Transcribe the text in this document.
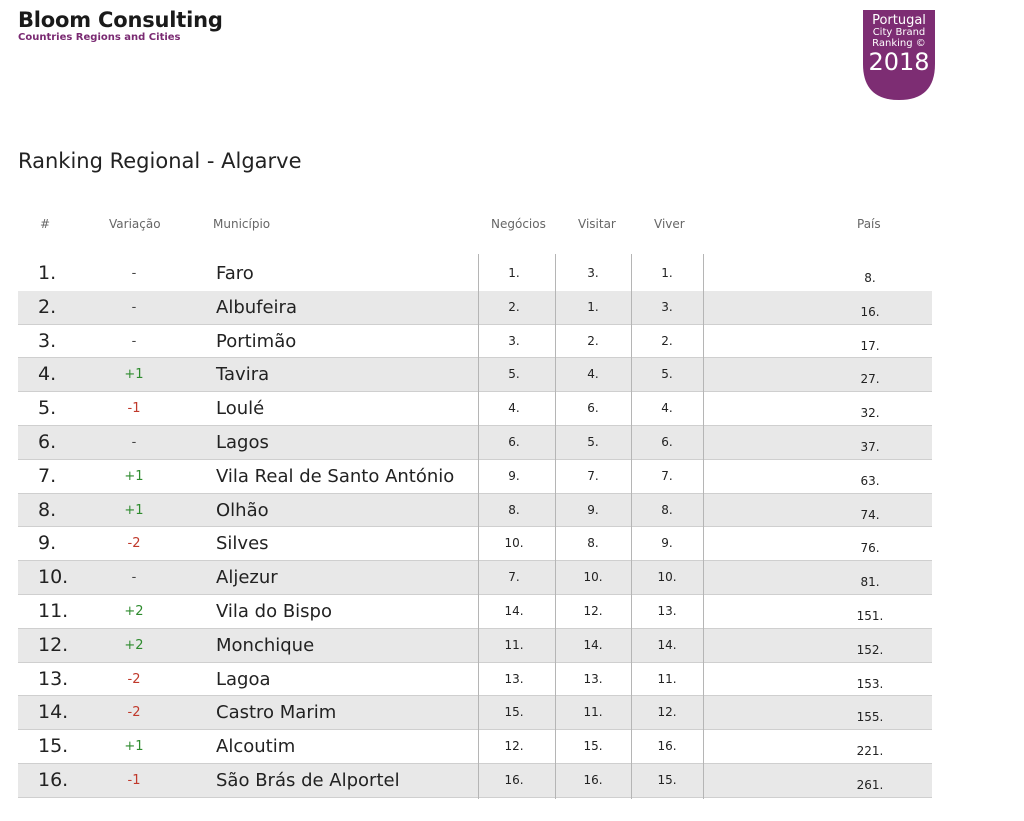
Bloom Consulting
Countries Regions and Cities
Portugal
City Brand
Ranking ©
2018
Ranking Regional - Algarve
#	Variação	Município	Negócios	Visitar	Viver	País
1.	-	Faro	1.	3.	1.	8.
2.	-	Albufeira	2.	1.	3.	16.
3.	-	Portimão	3.	2.	2.	17.
4.	+1	Tavira	5.	4.	5.	27.
5.	-1	Loulé	4.	6.	4.	32.
6.	-	Lagos	6.	5.	6.	37.
7.	+1	Vila Real de Santo António	9.	7.	7.	63.
8.	+1	Olhão	8.	9.	8.	74.
9.	-2	Silves	10.	8.	9.	76.
10.	-	Aljezur	7.	10.	10.	81.
11.	+2	Vila do Bispo	14.	12.	13.	151.
12.	+2	Monchique	11.	14.	14.	152.
13.	-2	Lagoa	13.	13.	11.	153.
14.	-2	Castro Marim	15.	11.	12.	155.
15.	+1	Alcoutim	12.	15.	16.	221.
16.	-1	São Brás de Alportel	16.	16.	15.	261.
